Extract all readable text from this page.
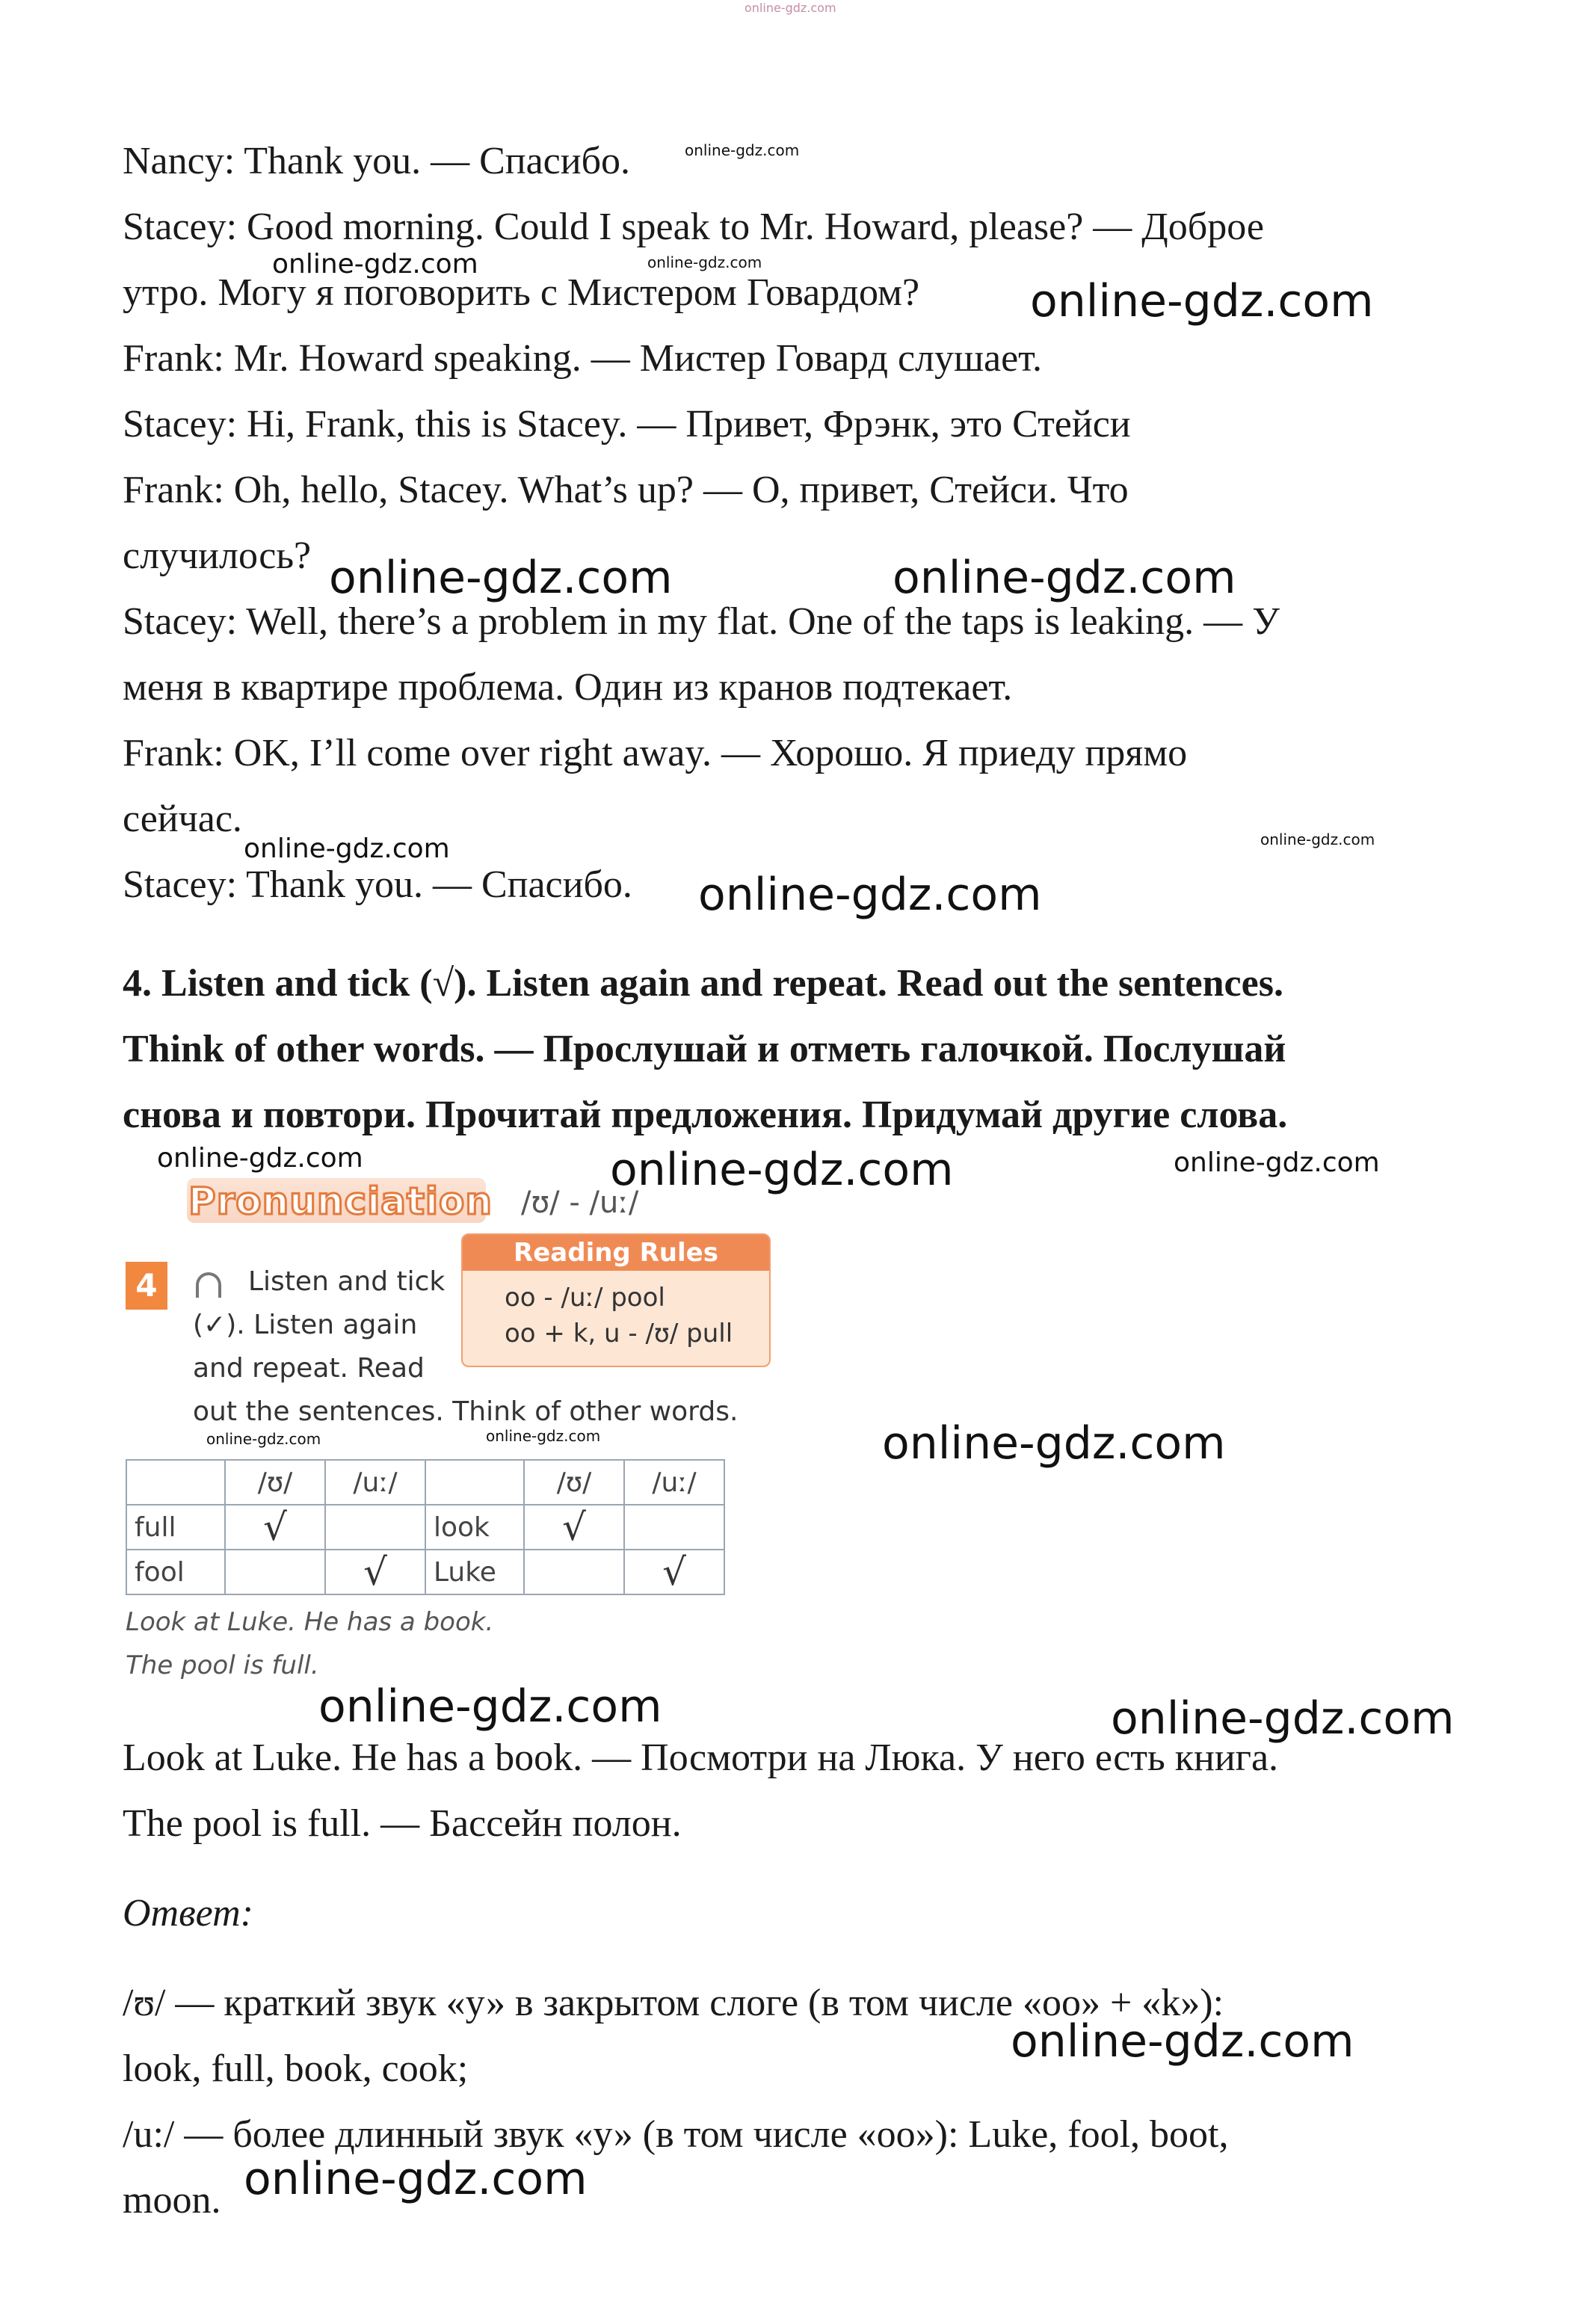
online-gdz.com
Nancy: Thank you. — Спасибо.
Stacey: Good morning. Could I speak to Mr. Howard, please? — Доброе
утро. Могу я поговорить с Мистером Говардом?
Frank: Mr. Howard speaking. — Мистер Говард слушает.
Stacey: Hi, Frank, this is Stacey. — Привет, Фрэнк, это Стейси
Frank: Oh, hello, Stacey. What’s up? — О, привет, Стейси. Что
случилось?
Stacey: Well, there’s a problem in my flat. One of the taps is leaking. — У
меня в квартире проблема. Один из кранов подтекает.
Frank: OK, I’ll come over right away. — Хорошо. Я приеду прямо
сейчас.
Stacey: Thank you. — Спасибо.
4. Listen and tick (√). Listen again and repeat. Read out the sentences.
Think of other words. — Прослушай и отметь галочкой. Послушай
снова и повтори. Прочитай предложения. Придумай другие слова.
Pronunciation /ʊ/ - /uː/
Reading Rules
oo - /uː/ pool
oo + k, u - /ʊ/ pull
4	Listen and tick
(✓). Listen again
and repeat. Read
out the sentences. Think of other words.
	/ʊ/	/uː/		/ʊ/	/uː/
full	√		look	√	
fool		√	Luke		√
Look at Luke. He has a book.
The pool is full.
Look at Luke. He has a book. — Посмотри на Люка. У него есть книга.
The pool is full. — Бассейн полон.
Ответ:
/ʊ/ — краткий звук «у» в закрытом слоге (в том числе «оо» + «k»):
look, full, book, cook;
/u:/ — более длинный звук «у» (в том числе «оо»): Luke, fool, boot,
moon.
online-gdz.com
online-gdz.com	online-gdz.com
online-gdz.com
online-gdz.com	online-gdz.com
online-gdz.com	online-gdz.com
online-gdz.com
online-gdz.com	online-gdz.com	online-gdz.com
online-gdz.com	online-gdz.com	online-gdz.com
online-gdz.com	online-gdz.com
online-gdz.com
online-gdz.com
